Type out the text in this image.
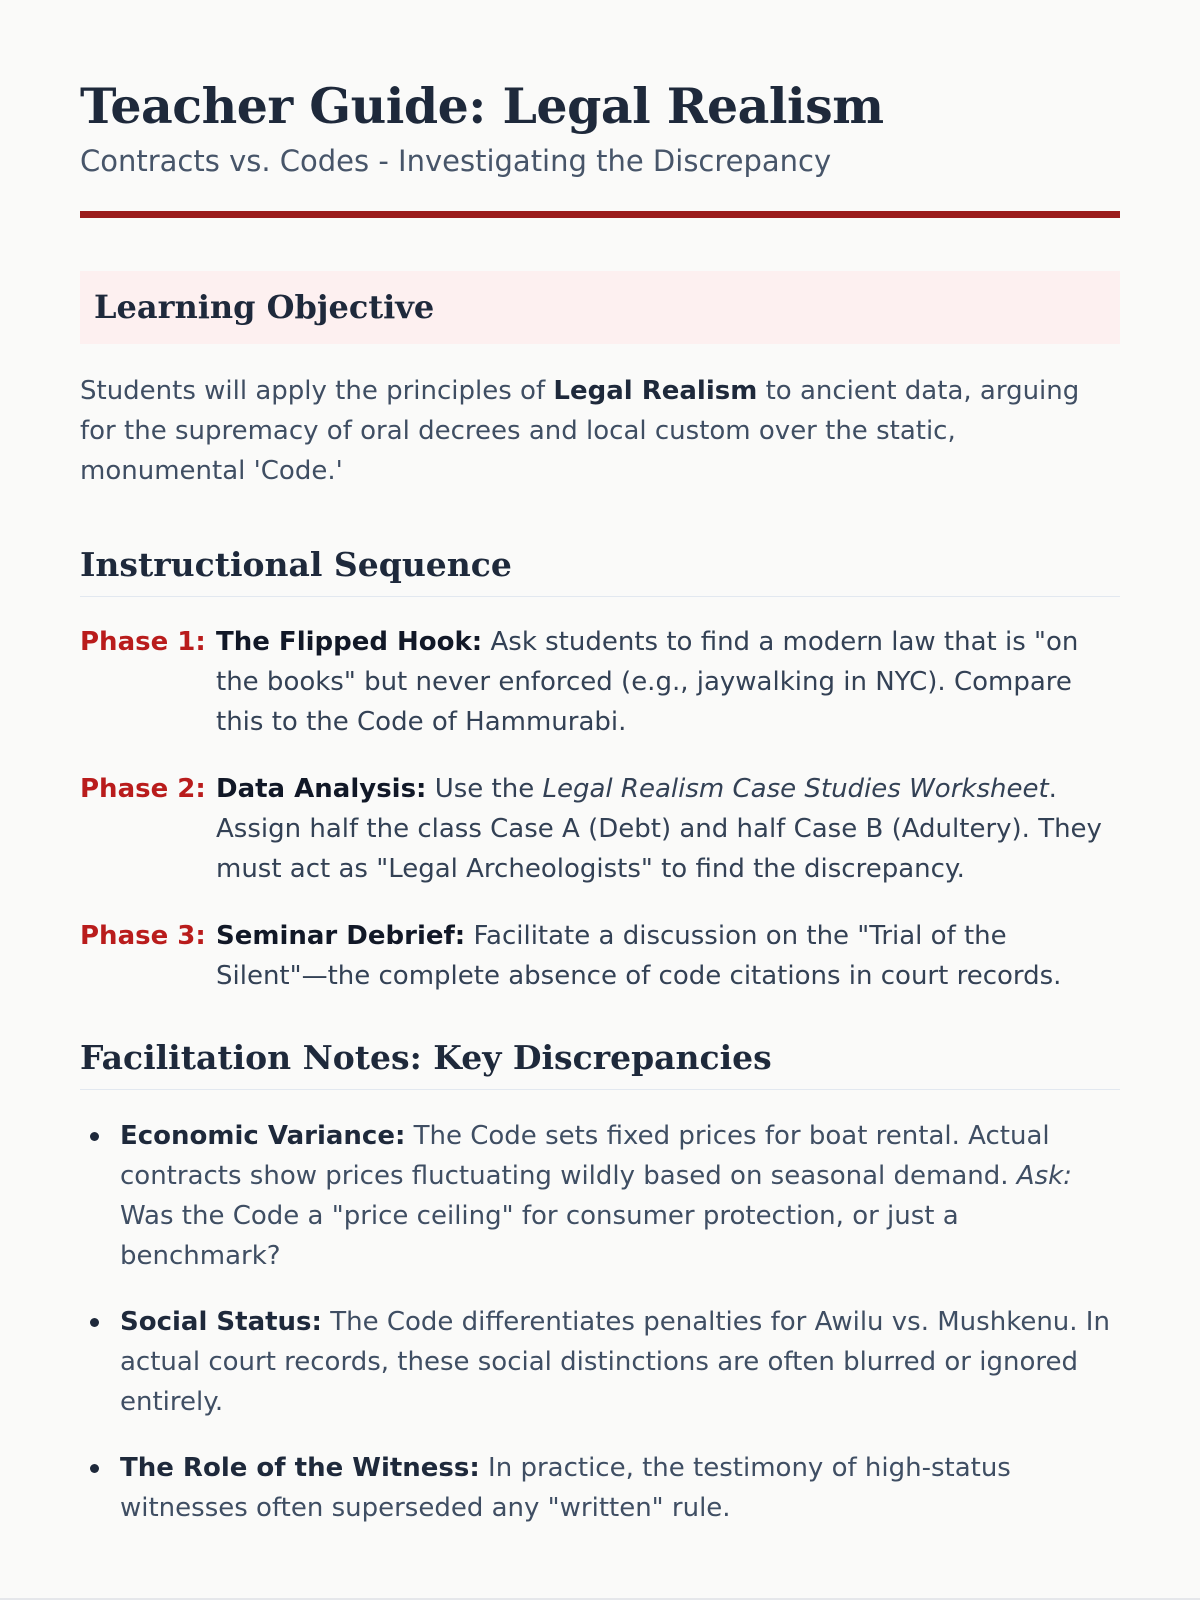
Teacher Guide: Legal Realism
Contracts vs. Codes - Investigating the Discrepancy
Learning Objective

Students will apply the principles of Legal Realism to ancient data, arguing for the supremacy of oral decrees and local custom over the static, monumental 'Code.'

Instructional Sequence
Phase 1: The Flipped Hook: Ask students to find a modern law that is "on the books" but never enforced (e.g., jaywalking in NYC). Compare this to the Code of Hammurabi.
Phase 2: Data Analysis: Use the Legal Realism Case Studies Worksheet. Assign half the class Case A (Debt) and half Case B (Adultery). They must act as "Legal Archeologists" to find the discrepancy.
Phase 3: Seminar Debrief: Facilitate a discussion on the "Trial of the Silent"—the complete absence of code citations in court records.
Facilitation Notes: Key Discrepancies
Economic Variance: The Code sets fixed prices for boat rental. Actual contracts show prices fluctuating wildly based on seasonal demand. Ask: Was the Code a "price ceiling" for consumer protection, or just a benchmark?
Social Status: The Code differentiates penalties for Awilu vs. Mushkenu. In actual court records, these social distinctions are often blurred or ignored entirely.
The Role of the Witness: In practice, the testimony of high-status witnesses often superseded any "written" rule.
